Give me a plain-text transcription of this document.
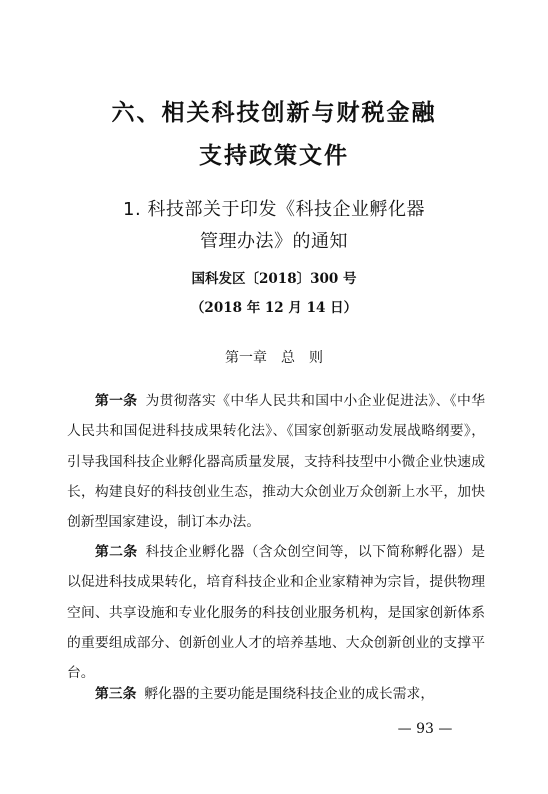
六、相关科技创新与财税金融
支持政策文件
1. 科技部关于印发《科技企业孵化器
管理办法》的通知
国科发区〔2018〕300 号
（2018 年 12 月 14 日）
第一章　总　则

第一条 为贯彻落实《中华人民共和国中小企业促进法》、《中华人民共和国促进科技成果转化法》、《国家创新驱动发展战略纲要》，引导我国科技企业孵化器高质量发展，支持科技型中小微企业快速成长，构建良好的科技创业生态，推动大众创业万众创新上水平，加快创新型国家建设，制订本办法。

第二条 科技企业孵化器（含众创空间等，以下简称孵化器）是以促进科技成果转化，培育科技企业和企业家精神为宗旨，提供物理空间、共享设施和专业化服务的科技创业服务机构，是国家创新体系的重要组成部分、创新创业人才的培养基地、大众创新创业的支撑平台。

第三条 孵化器的主要功能是围绕科技企业的成长需求，

— 93 —
